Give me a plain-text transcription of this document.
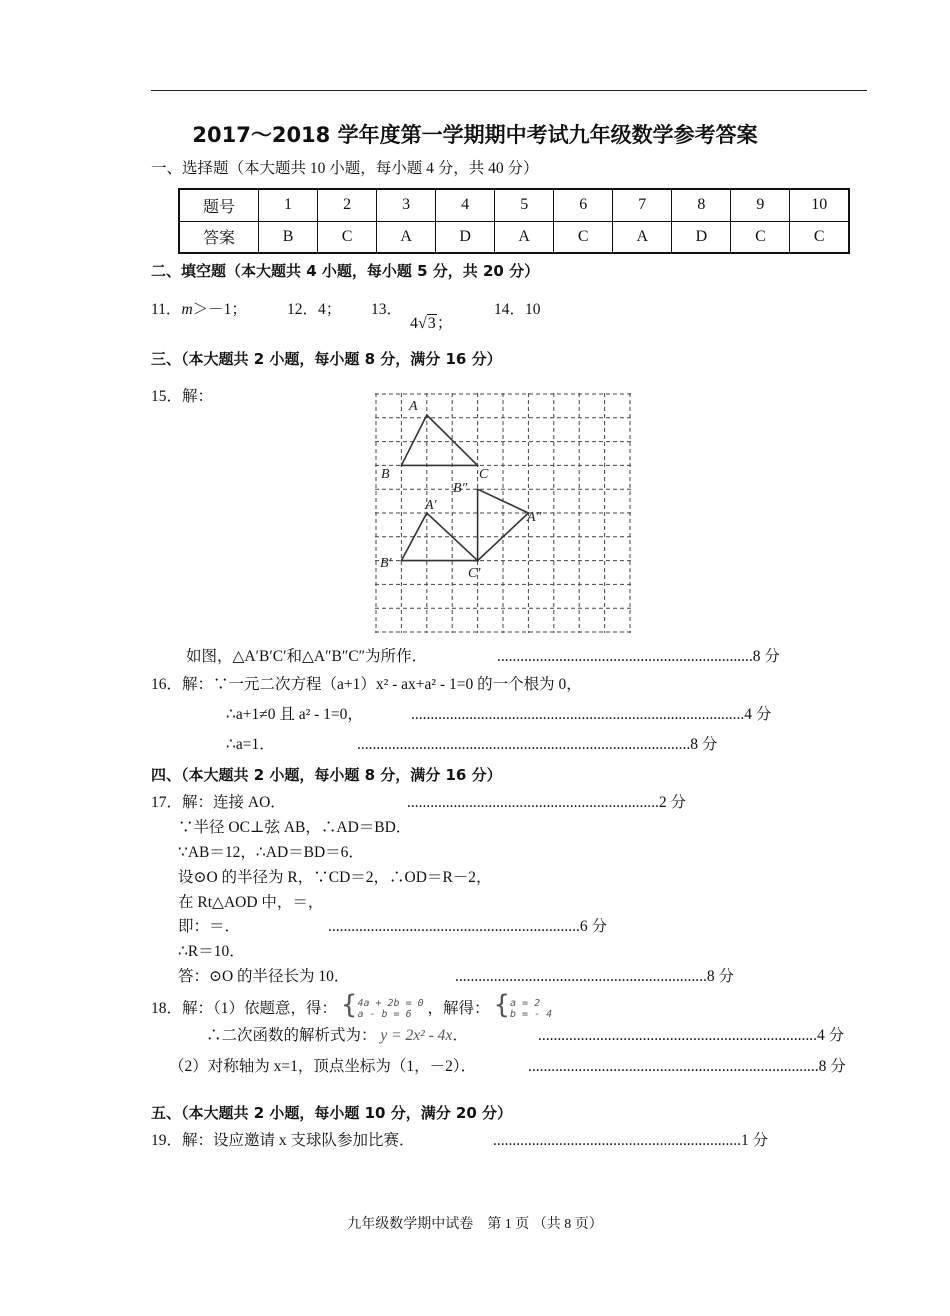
2017～2018 学年度第一学期期中考试九年级数学参考答案
一、选择题（本大题共 10 小题，每小题 4 分，共 40 分）
题号	1	2	3	4	5	6	7	8	9	10
答案	B	C	A	D	A	C	A	D	C	C
二、填空题（本大题共 4 小题，每小题 5 分，共 20 分）
11．m＞－1；	12．4； 13．
4√3；
14．10
三、（本大题共 2 小题，每小题 8 分，满分 16 分）
15．解：
A
B	C
A′
B′
C′
B″
A″
如图，△A′B′C′和△A″B″C″为所作．	..................................................................8 分
16．解：∵一元二次方程（a+1）x² - ax+a² - 1=0 的一个根为 0，
∴a+1≠0 且 a² - 1=0，	......................................................................................4 分
∴a=1．	......................................................................................8 分
四、（本大题共 2 小题，每小题 8 分，满分 16 分）
17．解：连接 AO．	.................................................................2 分
∵半径 OC⊥弦 AB，∴AD＝BD．
∵AB＝12，∴AD＝BD＝6．
设⊙O 的半径为 R，∵CD＝2，∴OD＝R－2，
在 Rt△AOD 中，＝，
即：＝．	.................................................................6 分
∴R＝10．
答：⊙O 的半径长为 10．	.................................................................8 分
18．解：（1）依题意，得： {4a + 2b = 0
a - b = 6 ，解得： {a = 2
b = - 4
∴二次函数的解析式为： y = 2x² - 4x．	........................................................................4 分
（2）对称轴为 x=1，顶点坐标为（1，－2）．	...........................................................................8 分
五、（本大题共 2 小题，每小题 10 分，满分 20 分）
19．解：设应邀请 x 支球队参加比赛．	................................................................1 分
九年级数学期中试卷　第 1 页 （共 8 页）
